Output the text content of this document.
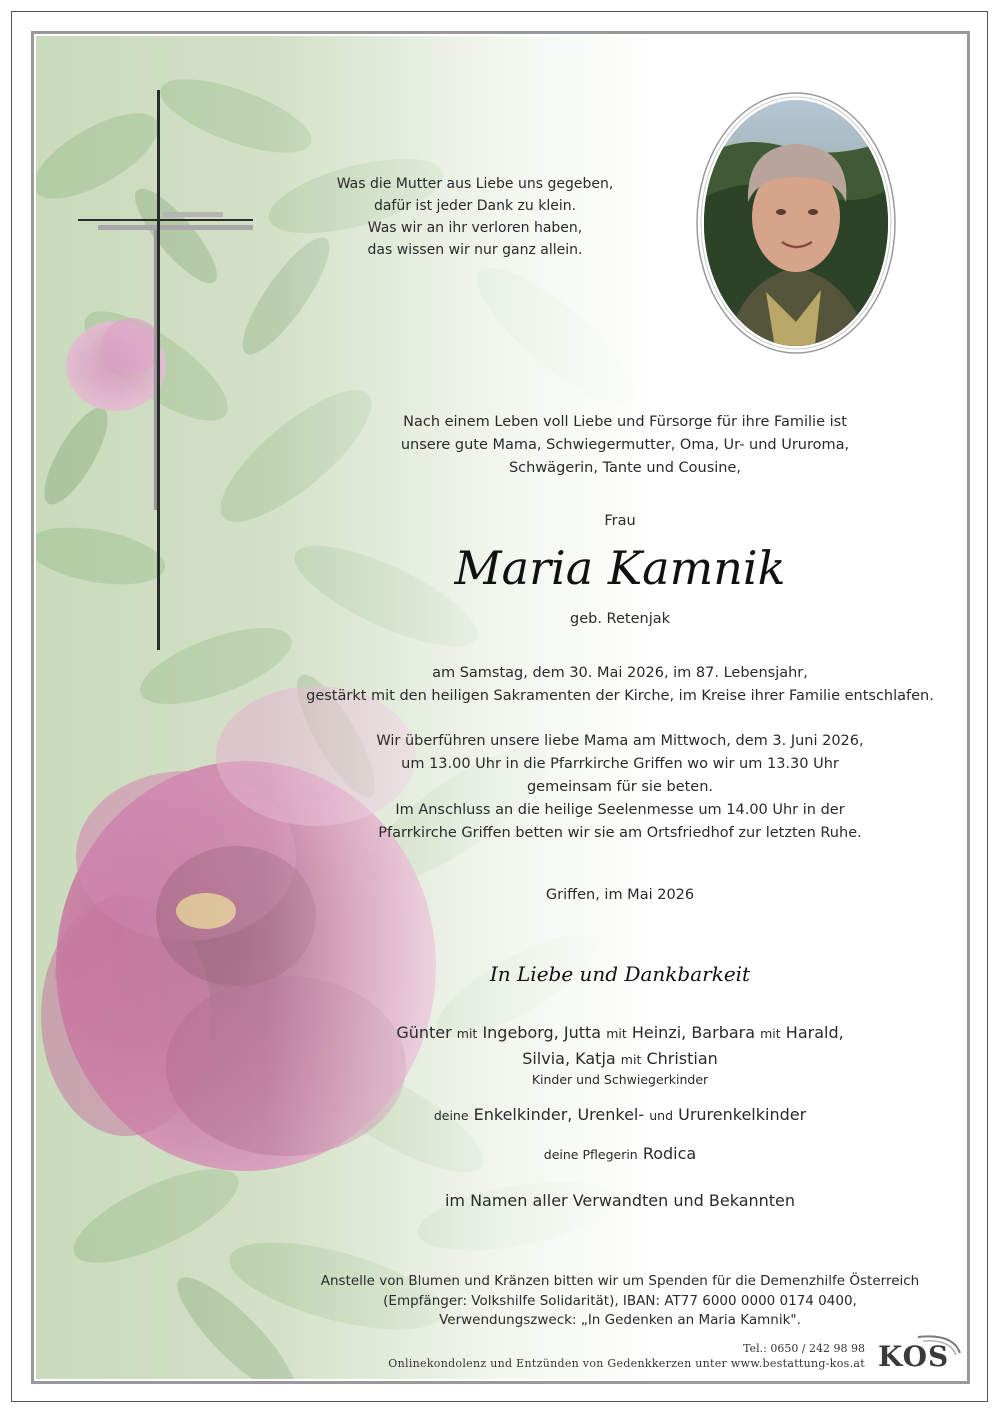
Was die Mutter aus Liebe uns gegeben,
dafür ist jeder Dank zu klein.
Was wir an ihr verloren haben,
das wissen wir nur ganz allein.
Nach einem Leben voll Liebe und Fürsorge für ihre Familie ist
unsere gute Mama, Schwiegermutter, Oma, Ur- und Ururoma,
Schwägerin, Tante und Cousine,
Frau
Maria Kamnik
geb. Retenjak
am Samstag, dem 30. Mai 2026, im 87. Lebensjahr,
gestärkt mit den heiligen Sakramenten der Kirche, im Kreise ihrer Familie entschlafen.
Wir überführen unsere liebe Mama am Mittwoch, dem 3. Juni 2026,
um 13.00 Uhr in die Pfarrkirche Griffen wo wir um 13.30 Uhr
gemeinsam für sie beten.
Im Anschluss an die heilige Seelenmesse um 14.00 Uhr in der
Pfarrkirche Griffen betten wir sie am Ortsfriedhof zur letzten Ruhe.
Griffen, im Mai 2026
In Liebe und Dankbarkeit
Günter mit Ingeborg, Jutta mit Heinzi, Barbara mit Harald,
Silvia, Katja mit Christian
Kinder und Schwiegerkinder
deine Enkelkinder, Urenkel- und Ururenkelkinder
deine Pflegerin Rodica
im Namen aller Verwandten und Bekannten
Anstelle von Blumen und Kränzen bitten wir um Spenden für die Demenzhilfe Österreich
(Empfänger: Volkshilfe Solidarität), IBAN: AT77 6000 0000 0174 0400,
Verwendungszweck: „In Gedenken an Maria Kamnik".
Tel.: 0650 / 242 98 98
Onlinekondolenz und Entzünden von Gedenkkerzen unter www.bestattung-kos.at KOS
